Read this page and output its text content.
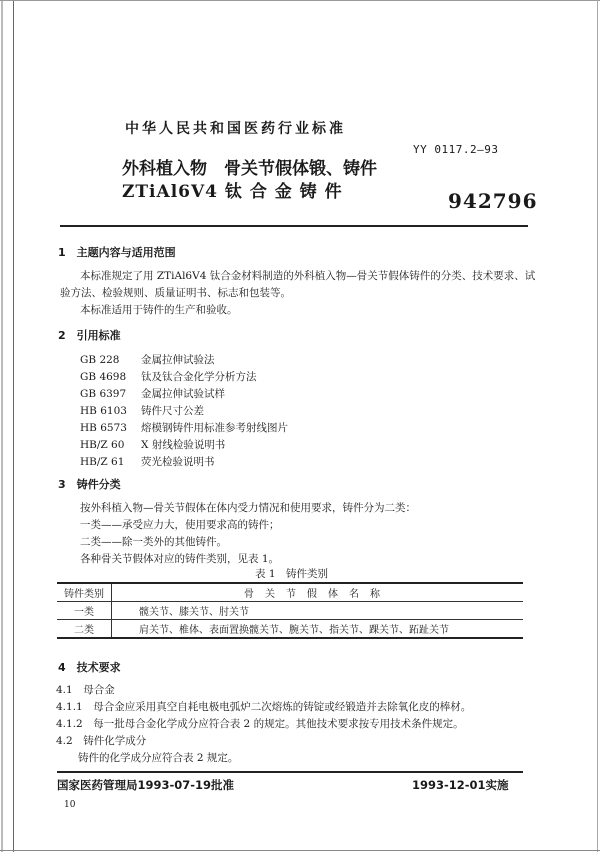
中华人民共和国医药行业标准
YY 0117.2—93
外科植入物　骨关节假体锻、铸件
ZTiAl6V4 钛 合 金 铸 件	942796
1　主题内容与适用范围
本标准规定了用 ZTiAl6V4 钛合金材料制造的外科植入物—骨关节假体铸件的分类、技术要求、试
验方法、检验规则、质量证明书、标志和包装等。
本标准适用于铸件的生产和验收。
2　引用标准
GB 228 金属拉伸试验法
GB 4698 钛及钛合金化学分析方法
GB 6397 金属拉伸试验试样
HB 6103 铸件尺寸公差
HB 6573 熔模钢铸件用标准参考射线图片
HB/Z 60 X 射线检验说明书
HB/Z 61 荧光检验说明书
3　铸件分类
按外科植入物—骨关节假体在体内受力情况和使用要求，铸件分为二类：
一类——承受应力大，使用要求高的铸件；
二类——除一类外的其他铸件。
各种骨关节假体对应的铸件类别，见表 1。
表 1　铸件类别
铸件类别	骨关节假体名称
一类	髋关节、膝关节、肘关节
二类	肩关节、椎体、表面置换髋关节、腕关节、指关节、踝关节、跖趾关节
4　技术要求
4.1　母合金
4.1.1　母合金应采用真空自耗电极电弧炉二次熔炼的铸锭或经锻造并去除氧化皮的棒材。
4.1.2　每一批母合金化学成分应符合表 2 的规定。其他技术要求按专用技术条件规定。
4.2　铸件化学成分
铸件的化学成分应符合表 2 规定。
国家医药管理局1993-07-19批准	1993-12-01实施
10
